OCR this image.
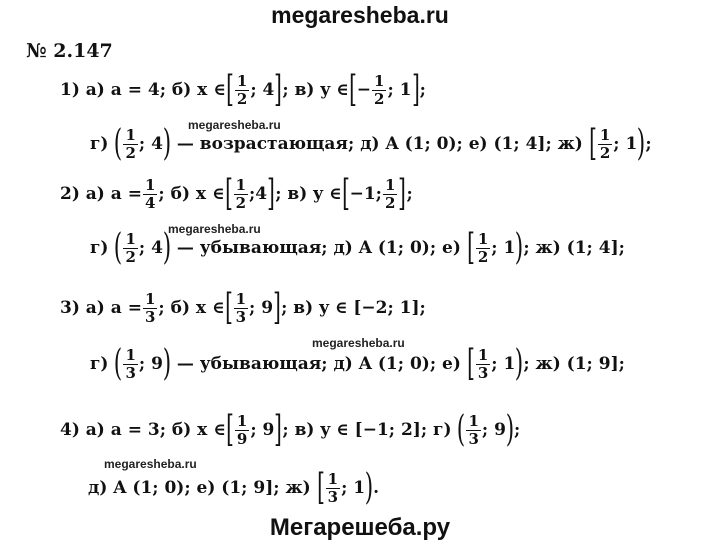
megaresheba.ru
№ 2.147
1) а) a = 4; б) x ∈ [ $\frac{1}{2}$ ; 4 ] ; в) y ∈ [ − $\frac{1}{2}$ ; 1 ] ;
г)
( $\frac{1}{2}$ ; 4 )
— возрастающая; д) A (1; 0); е) (1; 4]; ж)
[ $\frac{1}{2}$ ; 1 ) ;
megaresheba.ru
2) а)
$a = \frac{1}{4}$ ; б) x ∈ [ $\frac{1}{2}$ ;4 ] ; в) y ∈ [ −1; $\frac{1}{2}$ ] ;
г)
( $\frac{1}{2}$ ; 4 )
— убывающая; д) A (1; 0); е)
[ $\frac{1}{2}$ ; 1 ) ; ж) (1; 4];
megaresheba.ru
3) а)
$a = \frac{1}{3}$ ; б) x ∈ [ $\frac{1}{3}$ ; 9 ] ; в) y ∈ [−2; 1];
г)
( $\frac{1}{3}$ ; 9 )
— убывающая; д) A (1; 0); е)
[ $\frac{1}{3}$ ; 1 ) ; ж) (1; 9];
megaresheba.ru
4) а) a = 3; б) x ∈ [ $\frac{1}{9}$ ; 9 ] ; в) y ∈ [−1; 2]; г)
( $\frac{1}{3}$ ; 9 ) ;
д) A (1; 0); е) (1; 9]; ж)
[ $\frac{1}{3}$ ; 1 ) .
megaresheba.ru
Мегарешеба.ру
